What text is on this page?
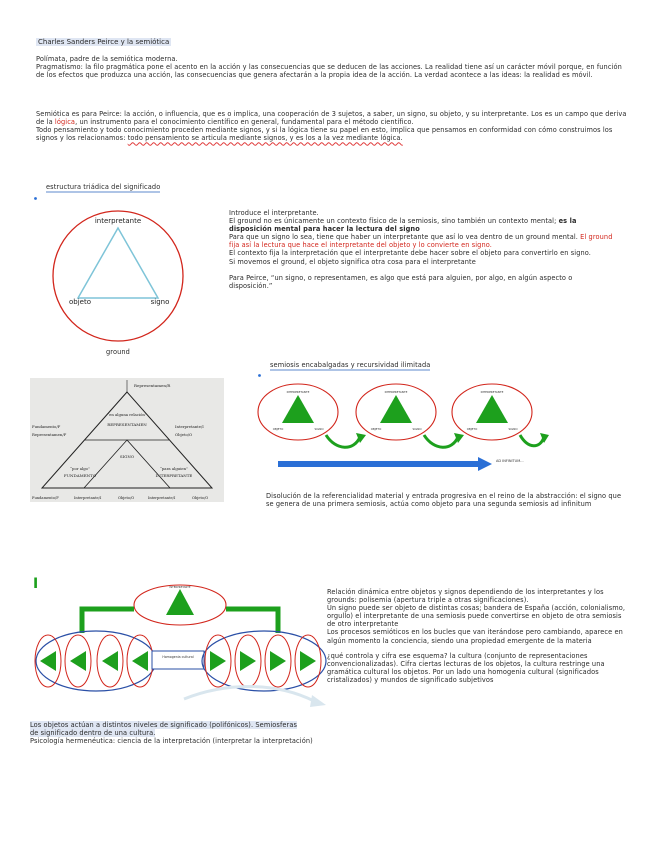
Charles Sanders Peirce y la semiótica

Polímata, padre de la semiótica moderna.

Pragmatismo: la filo pragmática pone el acento en la acción y las consecuencias que se deducen de las acciones. La realidad tiene así un carácter móvil porque, en función de los efectos que produzca una acción, las consecuencias que genera afectarán a la propia idea de la acción. La verdad acontece a las ideas: la realidad es móvil.

Semiótica es para Peirce: la acción, o influencia, que es o implica, una cooperación de 3 sujetos, a saber, un signo, su objeto, y su interpretante. Los es un campo que deriva de la lógica, un instrumento para el conocimiento científico en general, fundamental para el método científico.

Todo pensamiento y todo conocimiento proceden mediante signos, y si la lógica tiene su papel en esto, implica que pensamos en conformidad con cómo construimos los signos y los relacionamos: todo pensamiento se articula mediante signos, y es los a la vez mediante lógica.

estructura triádica del significado
interpretante
objeto	signo
ground

Introduce el interpretante.

El ground no es únicamente un contexto físico de la semiosis, sino también un contexto mental; es la disposición mental para hacer la lectura del signo

Para que un signo lo sea, tiene que haber un interpretante que así lo vea dentro de un ground mental. El ground fija así la lectura que hace el interpretante del objeto y lo convierte en signo.

El contexto fija la interpretación que el interpretante debe hacer sobre el objeto para convertirlo en signo.

Si movemos el ground, el objeto significa otra cosa para el interpretante

Para Peirce, “un signo, o representamen, es algo que está para alguien, por algo, en algún aspecto o disposición.”

Representamen/R
Fundamento/F
Representamen/F
Interpretante/I
Objeto/O
“en alguna relación”
REPRESENTAMEN
SIGNO
“por algo”
FUNDAMENTO
“para alguien”
INTERPRETANTE
Fundamento/F	Interpretante/I	Objeto/O	Interpretante/I	Objeto/O
semiosis encabalgadas y recursividad ilimitada
INTERPRETANTE
OBJETO	SIGNO
INTERPRETANTE
OBJETO	SIGNO
INTERPRETANTE
OBJETO	SIGNO
AD INFINITUM...
Disolución de la referencialidad material y entrada progresiva en el reino de la abstracción: el signo que se genera de una primera semiosis, actúa como objeto para una segunda semiosis ad infinitum
I	INTERPRETANTE
Homogenia cultural

Relación dinámica entre objetos y signos dependiendo de los interpretantes y los grounds: polisemia (apertura triple a otras significaciones).

Un signo puede ser objeto de distintas cosas; bandera de España (acción, colonialismo, orgullo) el interpretante de una semiosis puede convertirse en objeto de otra semiosis de otro interpretante

Los procesos semióticos en los bucles que van iterándose pero cambiando, aparece en algún momento la conciencia, siendo una propiedad emergente de la materia

¿qué controla y cifra ese esquema? la cultura (conjunto de representaciones convencionalizadas). Cifra ciertas lecturas de los objetos, la cultura restringe una gramática cultural los objetos. Por un lado una homogenia cultural (significados cristalizados) y mundos de significado subjetivos

Los objetos actúan a distintos niveles de significado (polifónicos). Semiosferas de significado dentro de una cultura.

Psicología hermenéutica: ciencia de la interpretación (interpretar la interpretación)
